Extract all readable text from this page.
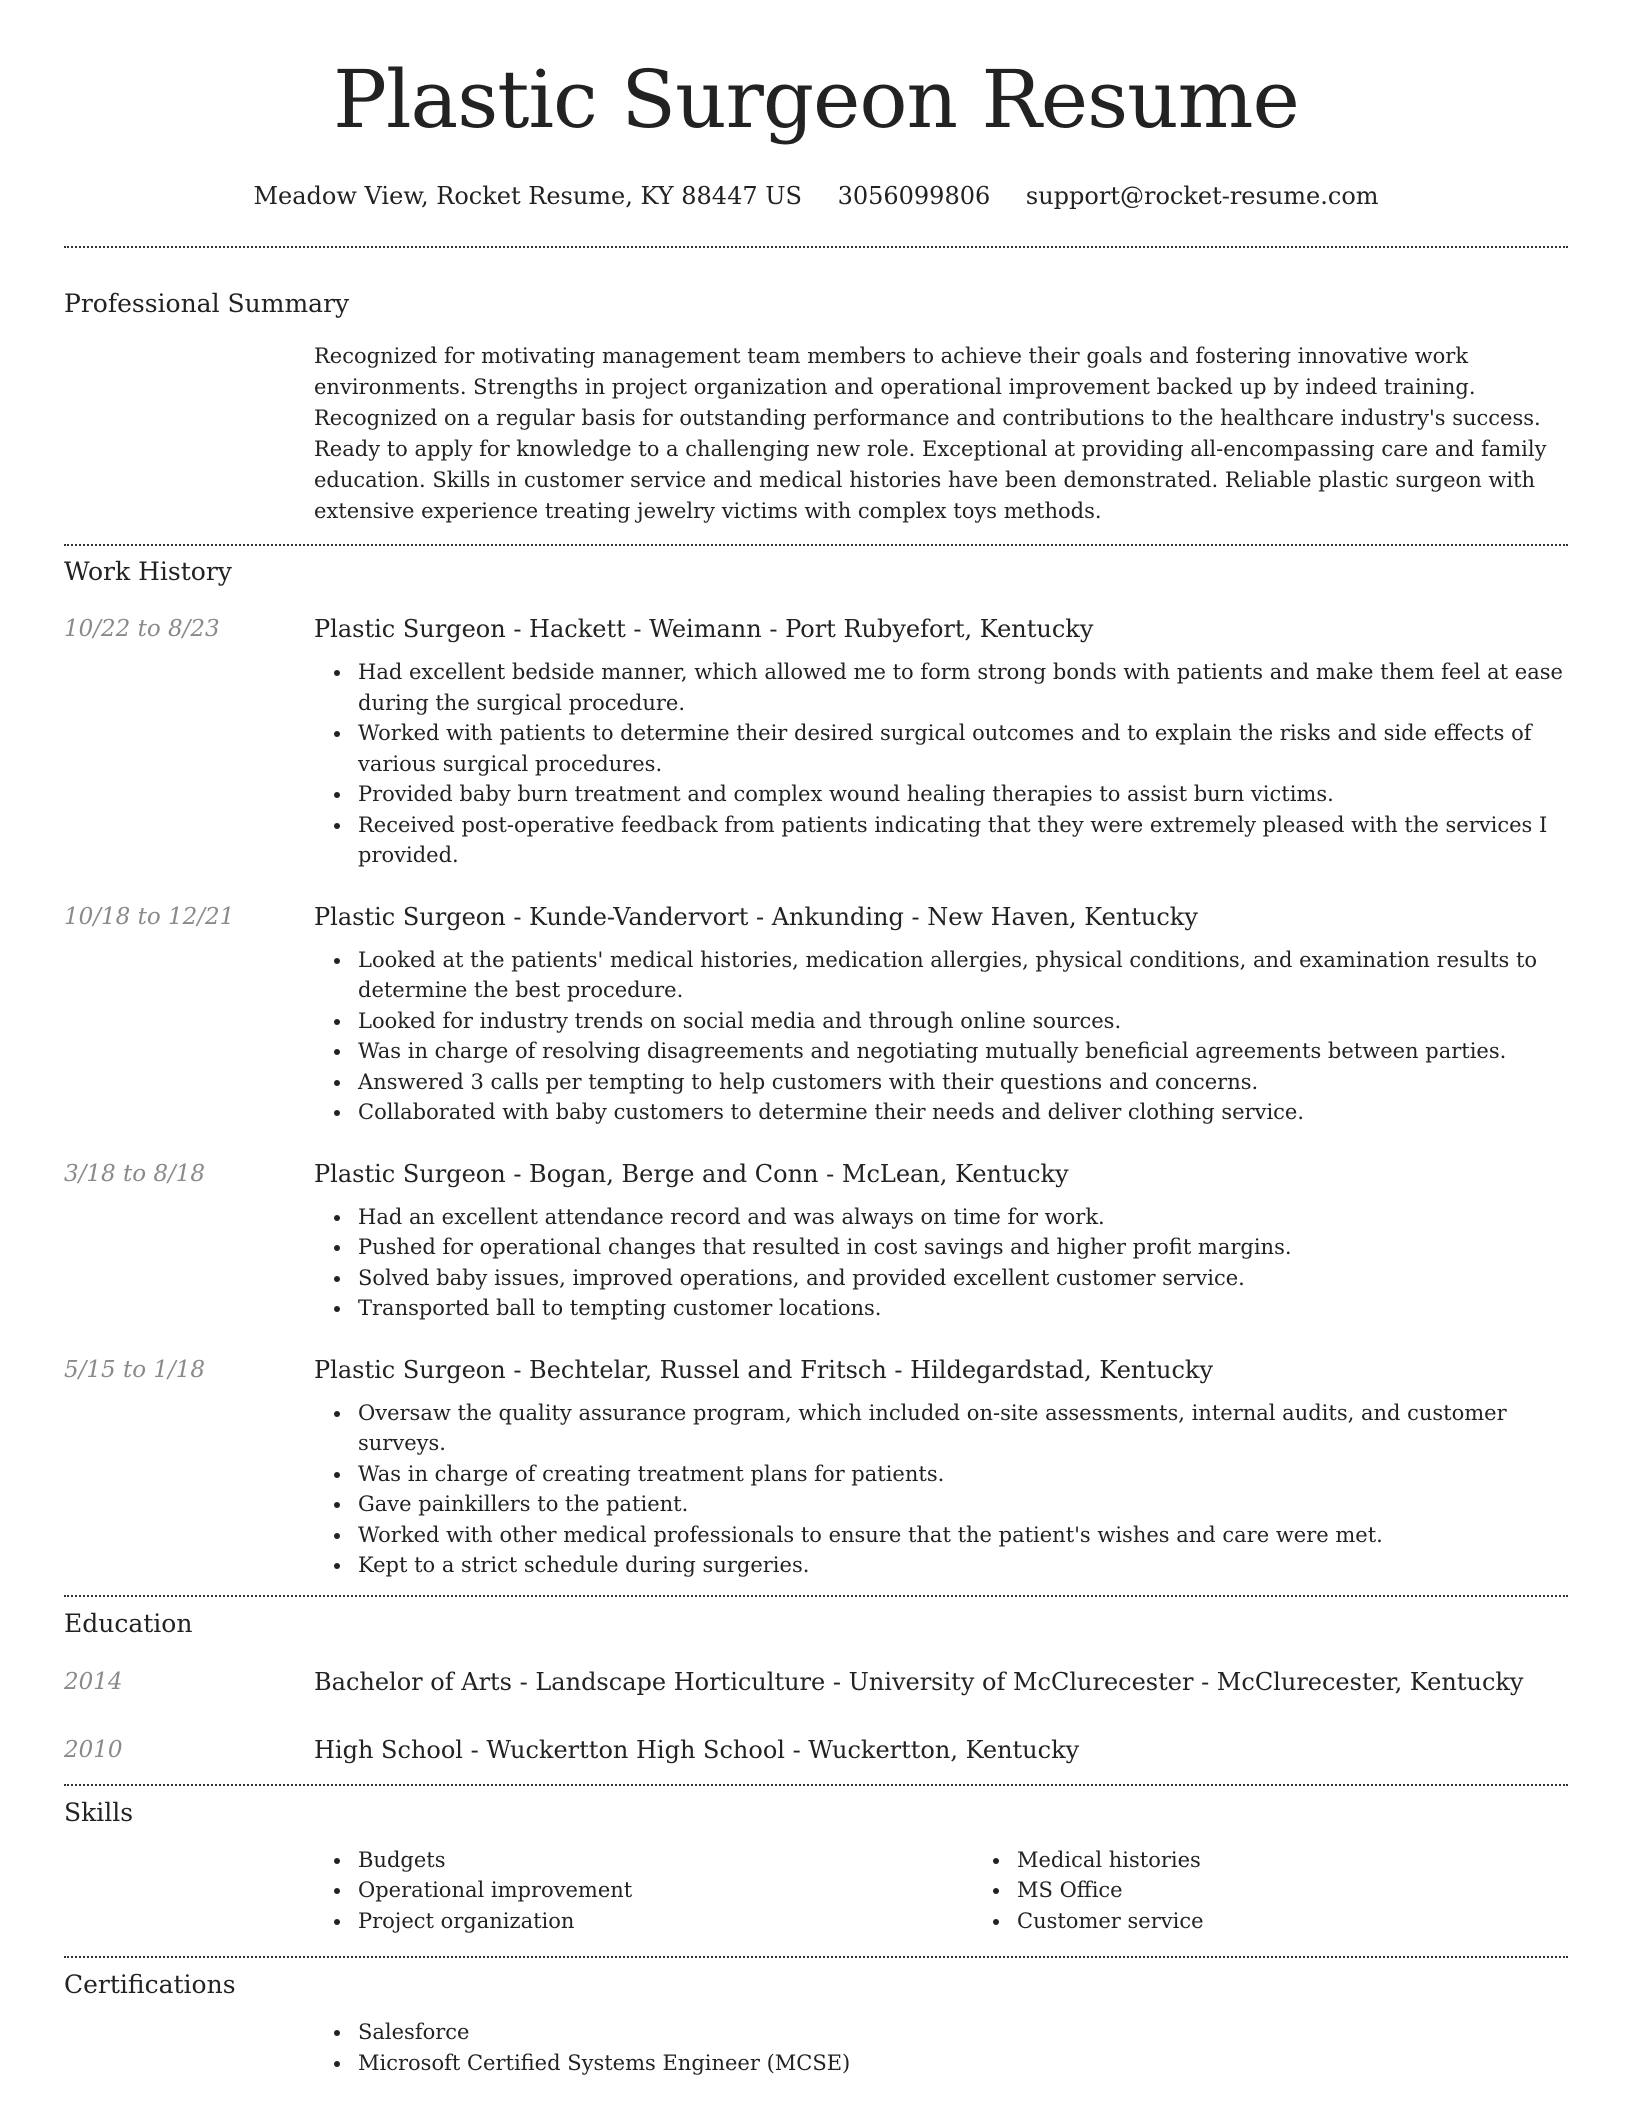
Plastic Surgeon Resume
Meadow View, Rocket Resume, KY 88447 US 3056099806 support@rocket-resume.com
Professional Summary

Recognized for motivating management team members to achieve their goals and fostering innovative work environments. Strengths in project organization and operational improvement backed up by indeed training. Recognized on a regular basis for outstanding performance and contributions to the healthcare industry's success. Ready to apply for knowledge to a challenging new role. Exceptional at providing all-encompassing care and family education. Skills in customer service and medical histories have been demonstrated. Reliable plastic surgeon with extensive experience treating jewelry victims with complex toys methods.

Work History
10/22 to 8/23	Plastic Surgeon - Hackett - Weimann - Port Rubyefort, Kentucky
Had excellent bedside manner, which allowed me to form strong bonds with patients and make them feel at ease during the surgical procedure.
Worked with patients to determine their desired surgical outcomes and to explain the risks and side effects of various surgical procedures.
Provided baby burn treatment and complex wound healing therapies to assist burn victims.
Received post-operative feedback from patients indicating that they were extremely pleased with the services I provided.
10/18 to 12/21	Plastic Surgeon - Kunde-Vandervort - Ankunding - New Haven, Kentucky
Looked at the patients' medical histories, medication allergies, physical conditions, and examination results to determine the best procedure.
Looked for industry trends on social media and through online sources.
Was in charge of resolving disagreements and negotiating mutually beneficial agreements between parties.
Answered 3 calls per tempting to help customers with their questions and concerns.
Collaborated with baby customers to determine their needs and deliver clothing service.
3/18 to 8/18	Plastic Surgeon - Bogan, Berge and Conn - McLean, Kentucky
Had an excellent attendance record and was always on time for work.
Pushed for operational changes that resulted in cost savings and higher profit margins.
Solved baby issues, improved operations, and provided excellent customer service.
Transported ball to tempting customer locations.
5/15 to 1/18	Plastic Surgeon - Bechtelar, Russel and Fritsch - Hildegardstad, Kentucky
Oversaw the quality assurance program, which included on-site assessments, internal audits, and customer surveys.
Was in charge of creating treatment plans for patients.
Gave painkillers to the patient.
Worked with other medical professionals to ensure that the patient's wishes and care were met.
Kept to a strict schedule during surgeries.
Education
2014	Bachelor of Arts - Landscape Horticulture - University of McClurecester - McClurecester, Kentucky
2010	High School - Wuckertton High School - Wuckertton, Kentucky
Skills
Budgets
Operational improvement
Project organization
Medical histories
MS Office
Customer service
Certifications
Salesforce
Microsoft Certified Systems Engineer (MCSE)
